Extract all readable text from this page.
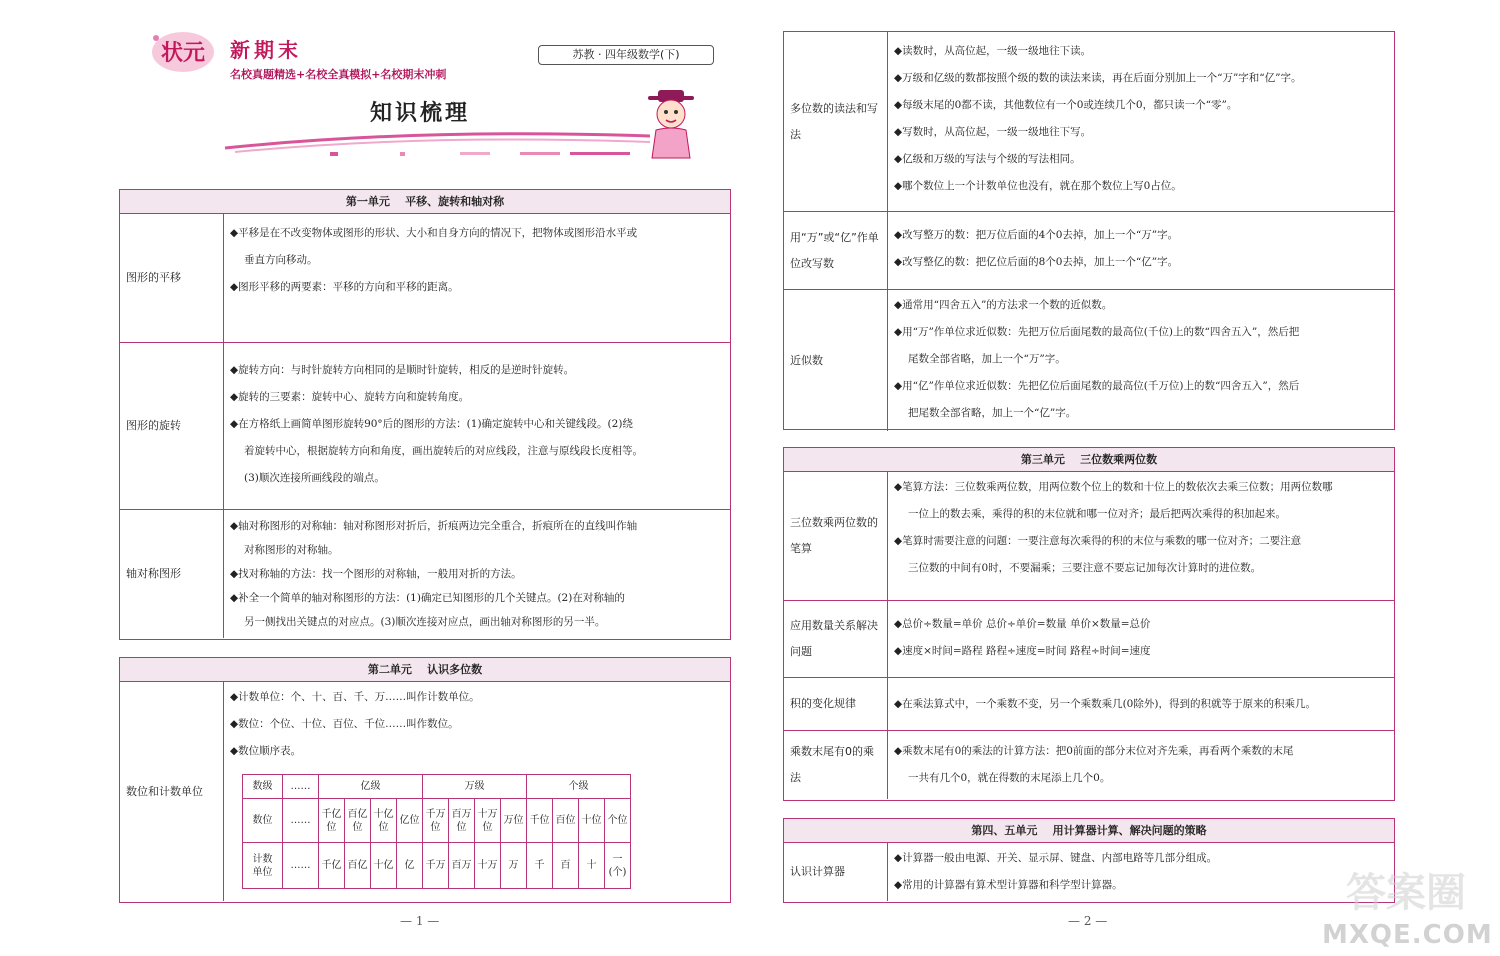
状元 新期末
名校真题精选+名校全真模拟+名校期末冲刺
苏教 · 四年级数学(下)
知识梳理
第一单元    平移、旋转和轴对称
图形的平移
◆平移是在不改变物体或图形的形状、大小和自身方向的情况下，把物体或图形沿水平或
垂直方向移动。
◆图形平移的两要素：平移的方向和平移的距离。
图形的旋转
◆旋转方向：与时针旋转方向相同的是顺时针旋转，相反的是逆时针旋转。
◆旋转的三要素：旋转中心、旋转方向和旋转角度。
◆在方格纸上画简单图形旋转90°后的图形的方法：(1)确定旋转中心和关键线段。(2)绕
着旋转中心，根据旋转方向和角度，画出旋转后的对应线段，注意与原线段长度相等。
(3)顺次连接所画线段的端点。
轴对称图形
◆轴对称图形的对称轴：轴对称图形对折后，折痕两边完全重合，折痕所在的直线叫作轴
对称图形的对称轴。
◆找对称轴的方法：找一个图形的对称轴，一般用对折的方法。
◆补全一个简单的轴对称图形的方法：(1)确定已知图形的几个关键点。(2)在对称轴的
另一侧找出关键点的对应点。(3)顺次连接对应点，画出轴对称图形的另一半。
第二单元    认识多位数
数位和计数单位
◆计数单位：个、十、百、千、万……叫作计数单位。
◆数位：个位、十位、百位、千位……叫作数位。
◆数位顺序表。
数级	……	亿级				万级				个级			
数位	……	千亿位	百亿位	十亿位	亿位	千万位	百万位	十万位	万位	千位	百位	十位	个位
计数单位	……	千亿	百亿	十亿	亿	千万	百万	十万	万	千	百	十	一(个)
— 1 —
多位数的读法和写法
◆读数时，从高位起，一级一级地往下读。
◆万级和亿级的数都按照个级的数的读法来读，再在后面分别加上一个“万”字和“亿”字。
◆每级末尾的0都不读，其他数位有一个0或连续几个0，都只读一个“零”。
◆写数时，从高位起，一级一级地往下写。
◆亿级和万级的写法与个级的写法相同。
◆哪个数位上一个计数单位也没有，就在那个数位上写0占位。
用“万”或“亿”作单位改写数
◆改写整万的数：把万位后面的4个0去掉，加上一个“万”字。
◆改写整亿的数：把亿位后面的8个0去掉，加上一个“亿”字。
近似数
◆通常用“四舍五入”的方法求一个数的近似数。
◆用“万”作单位求近似数：先把万位后面尾数的最高位(千位)上的数“四舍五入”，然后把
尾数全部省略，加上一个“万”字。
◆用“亿”作单位求近似数：先把亿位后面尾数的最高位(千万位)上的数“四舍五入”，然后
把尾数全部省略，加上一个“亿”字。
第三单元    三位数乘两位数
三位数乘两位数的笔算
◆笔算方法：三位数乘两位数，用两位数个位上的数和十位上的数依次去乘三位数；用两位数哪
一位上的数去乘，乘得的积的末位就和哪一位对齐；最后把两次乘得的积加起来。
◆笔算时需要注意的问题：一要注意每次乘得的积的末位与乘数的哪一位对齐；二要注意
三位数的中间有0时，不要漏乘；三要注意不要忘记加每次计算时的进位数。
应用数量关系解决问题
◆总价÷数量=单价 总价÷单价=数量 单价×数量=总价
◆速度×时间=路程 路程÷速度=时间 路程÷时间=速度
积的变化规律	◆在乘法算式中，一个乘数不变，另一个乘数乘几(0除外)，得到的积就等于原来的积乘几。
乘数末尾有0的乘法
◆乘数末尾有0的乘法的计算方法：把0前面的部分末位对齐先乘，再看两个乘数的末尾
一共有几个0，就在得数的末尾添上几个0。
第四、五单元    用计算器计算、解决问题的策略
认识计算器
◆计算器一般由电源、开关、显示屏、键盘、内部电路等几部分组成。
◆常用的计算器有算术型计算器和科学型计算器。
— 2 —
答案圈
MXQE.COM
